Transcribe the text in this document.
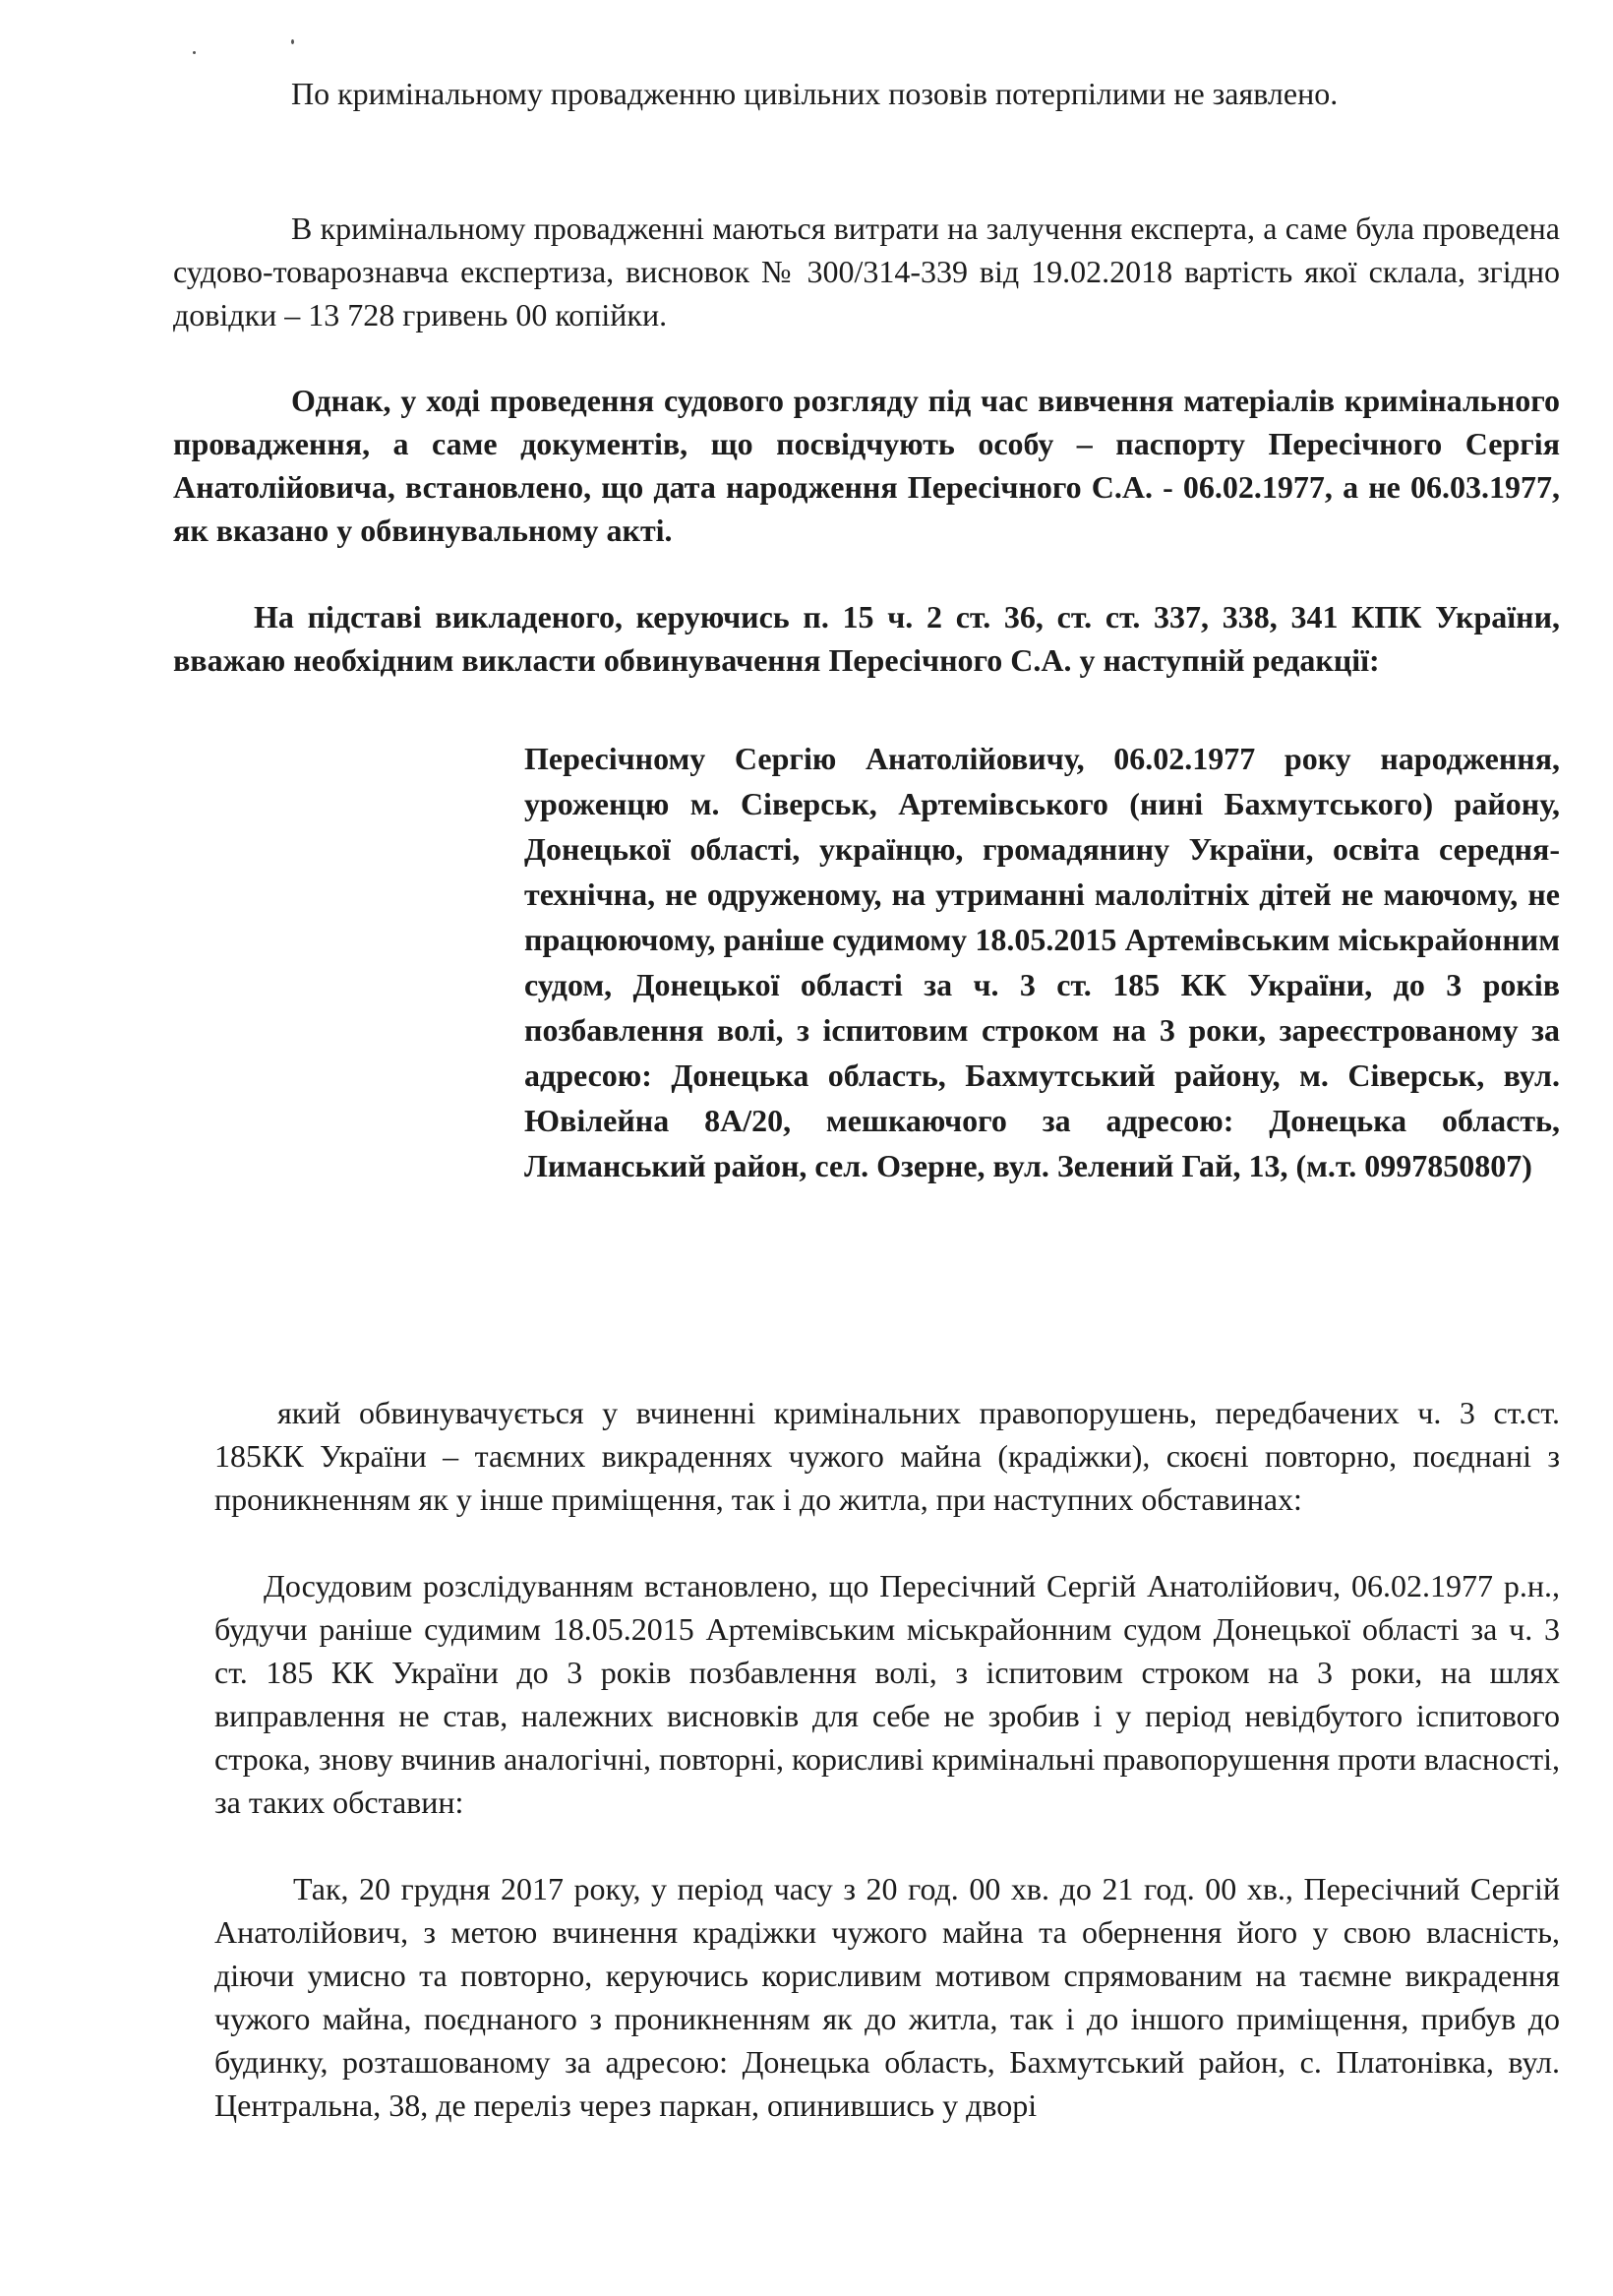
По кримінальному провадженню цивільних позовів потерпілими не заявлено.

В кримінальному провадженні маються витрати на залучення експерта, а саме була проведена судово-товарознавча експертиза, висновок № 300/314-339 від 19.02.2018 вартість якої склала, згідно довідки – 13 728 гривень 00 копійки.

Однак, у ході проведення судового розгляду під час вивчення матеріалів кримінального провадження, а саме документів, що посвідчують особу – паспорту Пересічного Сергія Анатолійовича, встановлено, що дата народження Пересічного С.А. - 06.02.1977, а не 06.03.1977, як вказано у обвинувальному акті.

На підставі викладеного, керуючись п. 15 ч. 2 ст. 36, ст. ст. 337, 338, 341 КПК України, вважаю необхідним викласти обвинувачення Пересічного С.А. у наступній редакції:

Пересічному Сергію Анатолійовичу, 06.02.1977 року народження, уроженцю м. Сіверськ, Артемівського (нині Бахмутського) району, Донецької області, українцю, громадянину України, освіта середня-технічна, не одруженому, на утриманні малолітніх дітей не маючому, не працюючому, раніше судимому 18.05.2015 Артемівським міськрайонним судом, Донецької області за ч. 3 ст. 185 КК України, до 3 років позбавлення волі, з іспитовим строком на 3 роки, зареєстрованому за адресою: Донецька область, Бахмутський району, м. Сіверськ, вул. Ювілейна 8А/20, мешкаючого за адресою: Донецька область, Лиманський район, сел. Озерне, вул. Зелений Гай, 13, (м.т. 0997850807)

який обвинувачується у вчиненні кримінальних правопорушень, передбачених ч. 3 ст.ст. 185КК України – таємних викраденнях чужого майна (крадіжки), скоєні повторно, поєднані з проникненням як у інше приміщення, так і до житла, при наступних обставинах:

Досудовим розслідуванням встановлено, що Пересічний Сергій Анатолійович, 06.02.1977 р.н., будучи раніше судимим 18.05.2015 Артемівським міськрайонним судом Донецької області за ч. 3 ст. 185 КК України до 3 років позбавлення волі, з іспитовим строком на 3 роки, на шлях виправлення не став, належних висновків для себе не зробив і у період невідбутого іспитового строка, знову вчинив аналогічні, повторні, корисливі кримінальні правопорушення проти власності, за таких обставин:

Так, 20 грудня 2017 року, у період часу з 20 год. 00 хв. до 21 год. 00 хв., Пересічний Сергій Анатолійович, з метою вчинення крадіжки чужого майна та обернення його у свою власність, діючи умисно та повторно, керуючись корисливим мотивом спрямованим на таємне викрадення чужого майна, поєднаного з проникненням як до житла, так і до іншого приміщення, прибув до будинку, розташованому за адресою: Донецька область, Бахмутський район, с. Платонівка, вул. Центральна, 38, де переліз через паркан, опинившись у дворі
